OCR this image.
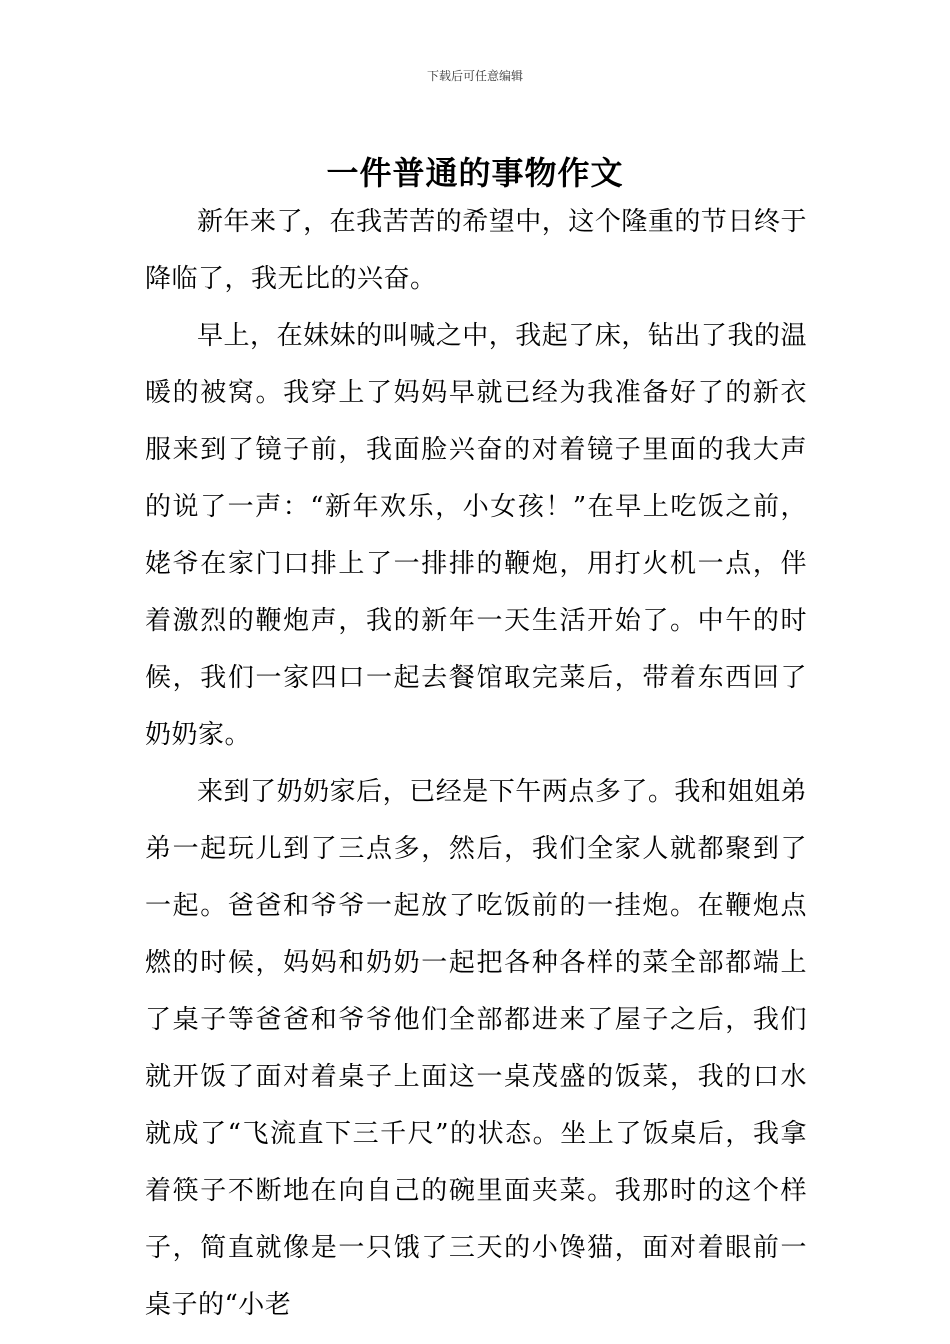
下载后可任意编辑
一件普通的事物作文

新年来了，在我苦苦的希望中，这个隆重的节日终于降临了，我无比的兴奋。

早上，在妹妹的叫喊之中，我起了床，钻出了我的温暖的被窝。我穿上了妈妈早就已经为我准备好了的新衣服来到了镜子前，我面脸兴奋的对着镜子里面的我大声的说了一声：“新年欢乐，小女孩！”在早上吃饭之前，姥爷在家门口排上了一排排的鞭炮，用打火机一点，伴着激烈的鞭炮声，我的新年一天生活开始了。中午的时候，我们一家四口一起去餐馆取完菜后，带着东西回了奶奶家。

来到了奶奶家后，已经是下午两点多了。我和姐姐弟弟一起玩儿到了三点多，然后，我们全家人就都聚到了一起。爸爸和爷爷一起放了吃饭前的一挂炮。在鞭炮点燃的时候，妈妈和奶奶一起把各种各样的菜全部都端上了桌子等爸爸和爷爷他们全部都进来了屋子之后，我们就开饭了面对着桌子上面这一桌茂盛的饭菜，我的口水就成了“飞流直下三千尺”的状态。坐上了饭桌后，我拿着筷子不断地在向自己的碗里面夹菜。我那时的这个样子，简直就像是一只饿了三天的小馋猫，面对着眼前一桌子的“小老
